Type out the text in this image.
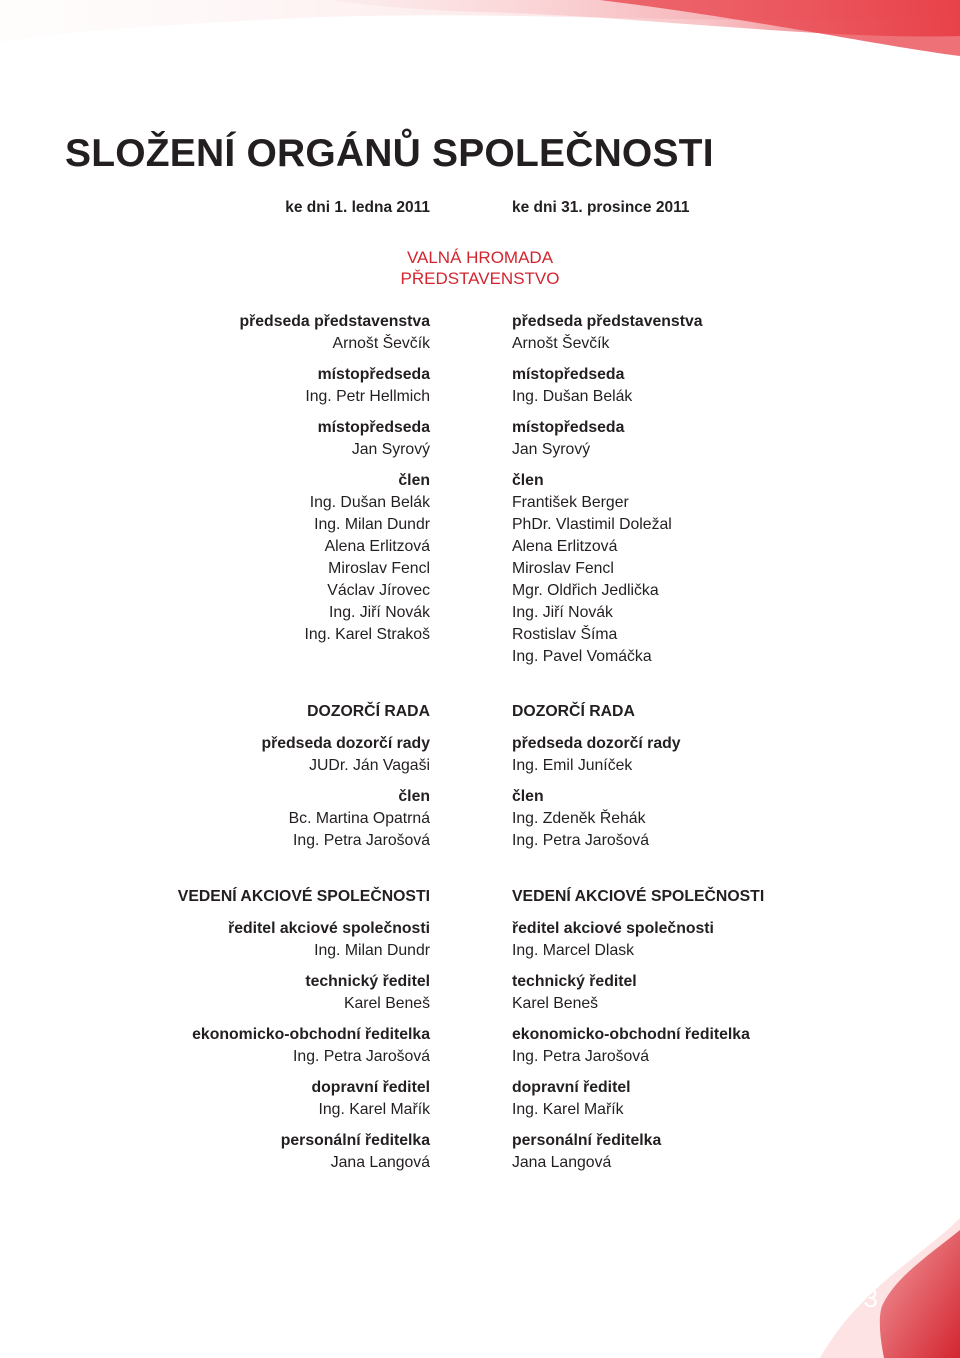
SLOŽENÍ ORGÁNŮ SPOLEČNOSTI
ke dni 1. ledna 2011	ke dni 31. prosince 2011
VALNÁ HROMADA
PŘEDSTAVENSTVO
předseda představenstva
Arnošt Ševčík
místopředseda
Ing. Petr Hellmich
místopředseda
Jan Syrový
člen
Ing. Dušan Belák
Ing. Milan Dundr
Alena Erlitzová
Miroslav Fencl
Václav Jírovec
Ing. Jiří Novák
Ing. Karel Strakoš
předseda představenstva
Arnošt Ševčík
místopředseda
Ing. Dušan Belák
místopředseda
Jan Syrový
člen
František Berger
PhDr. Vlastimil Doležal
Alena Erlitzová
Miroslav Fencl
Mgr. Oldřich Jedlička
Ing. Jiří Novák
Rostislav Šíma
Ing. Pavel Vomáčka
DOZORČÍ RADA
předseda dozorčí rady
JUDr. Ján Vagaši
člen
Bc. Martina Opatrná
Ing. Petra Jarošová
DOZORČÍ RADA
předseda dozorčí rady
Ing. Emil Juníček
člen
Ing. Zdeněk Řehák
Ing. Petra Jarošová
VEDENÍ AKCIOVÉ SPOLEČNOSTI
ředitel akciové společnosti
Ing. Milan Dundr
technický ředitel
Karel Beneš
ekonomicko-obchodní ředitelka
Ing. Petra Jarošová
dopravní ředitel
Ing. Karel Mařík
personální ředitelka
Jana Langová
VEDENÍ AKCIOVÉ SPOLEČNOSTI
ředitel akciové společnosti
Ing. Marcel Dlask
technický ředitel
Karel Beneš
ekonomicko-obchodní ředitelka
Ing. Petra Jarošová
dopravní ředitel
Ing. Karel Mařík
personální ředitelka
Jana Langová
3
